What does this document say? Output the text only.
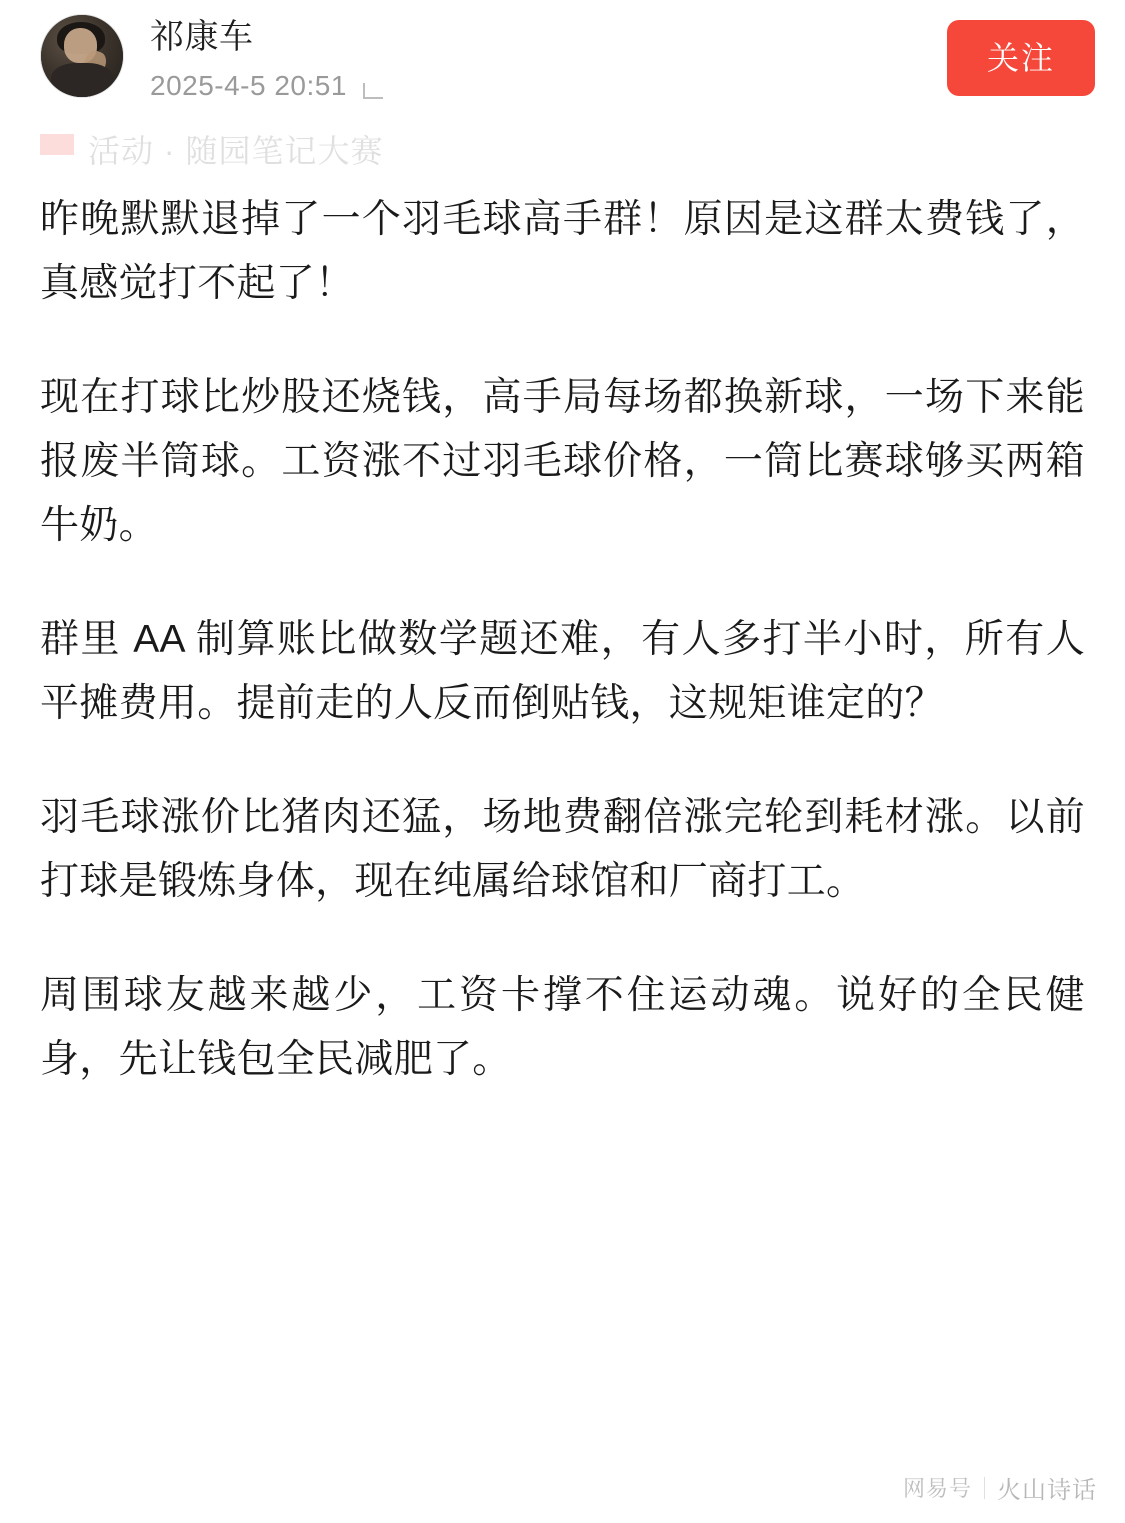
祁康车
2025-4-5 20:51
关注
活动 · 随园笔记大赛

昨晚默默退掉了一个羽毛球高手群！原因是这群太费钱了，真感觉打不起了！

现在打球比炒股还烧钱，高手局每场都换新球，一场下来能报废半筒球。工资涨不过羽毛球价格，一筒比赛球够买两箱牛奶。

群里 AA 制算账比做数学题还难，有人多打半小时，所有人平摊费用。提前走的人反而倒贴钱，这规矩谁定的？

羽毛球涨价比猪肉还猛，场地费翻倍涨完轮到耗材涨。以前打球是锻炼身体，现在纯属给球馆和厂商打工。

周围球友越来越少，工资卡撑不住运动魂。说好的全民健身，先让钱包全民减肥了。

网易号 火山诗话
